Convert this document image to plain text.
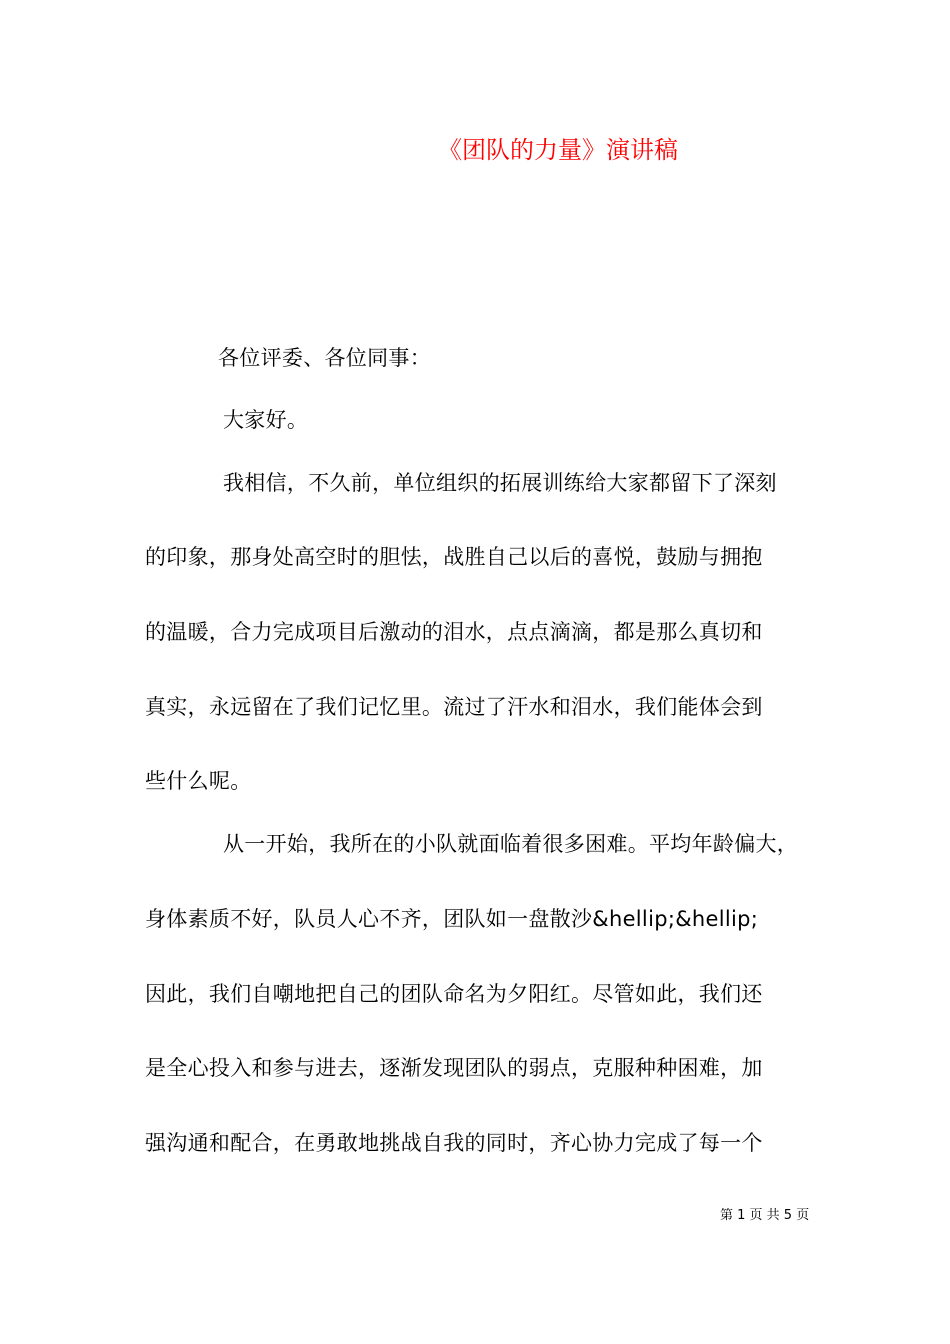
《团队的力量》演讲稿
各位评委、各位同事：
大家好。
我相信，不久前，单位组织的拓展训练给大家都留下了深刻
的印象，那身处高空时的胆怯，战胜自己以后的喜悦，鼓励与拥抱
的温暖，合力完成项目后激动的泪水，点点滴滴，都是那么真切和
真实，永远留在了我们记忆里。流过了汗水和泪水，我们能体会到
些什么呢。
从一开始，我所在的小队就面临着很多困难。平均年龄偏大，
身体素质不好，队员人心不齐，团队如一盘散沙&hellip;&hellip;
因此，我们自嘲地把自己的团队命名为夕阳红。尽管如此，我们还
是全心投入和参与进去，逐渐发现团队的弱点，克服种种困难，加
强沟通和配合，在勇敢地挑战自我的同时，齐心协力完成了每一个
第 1 页 共 5 页
